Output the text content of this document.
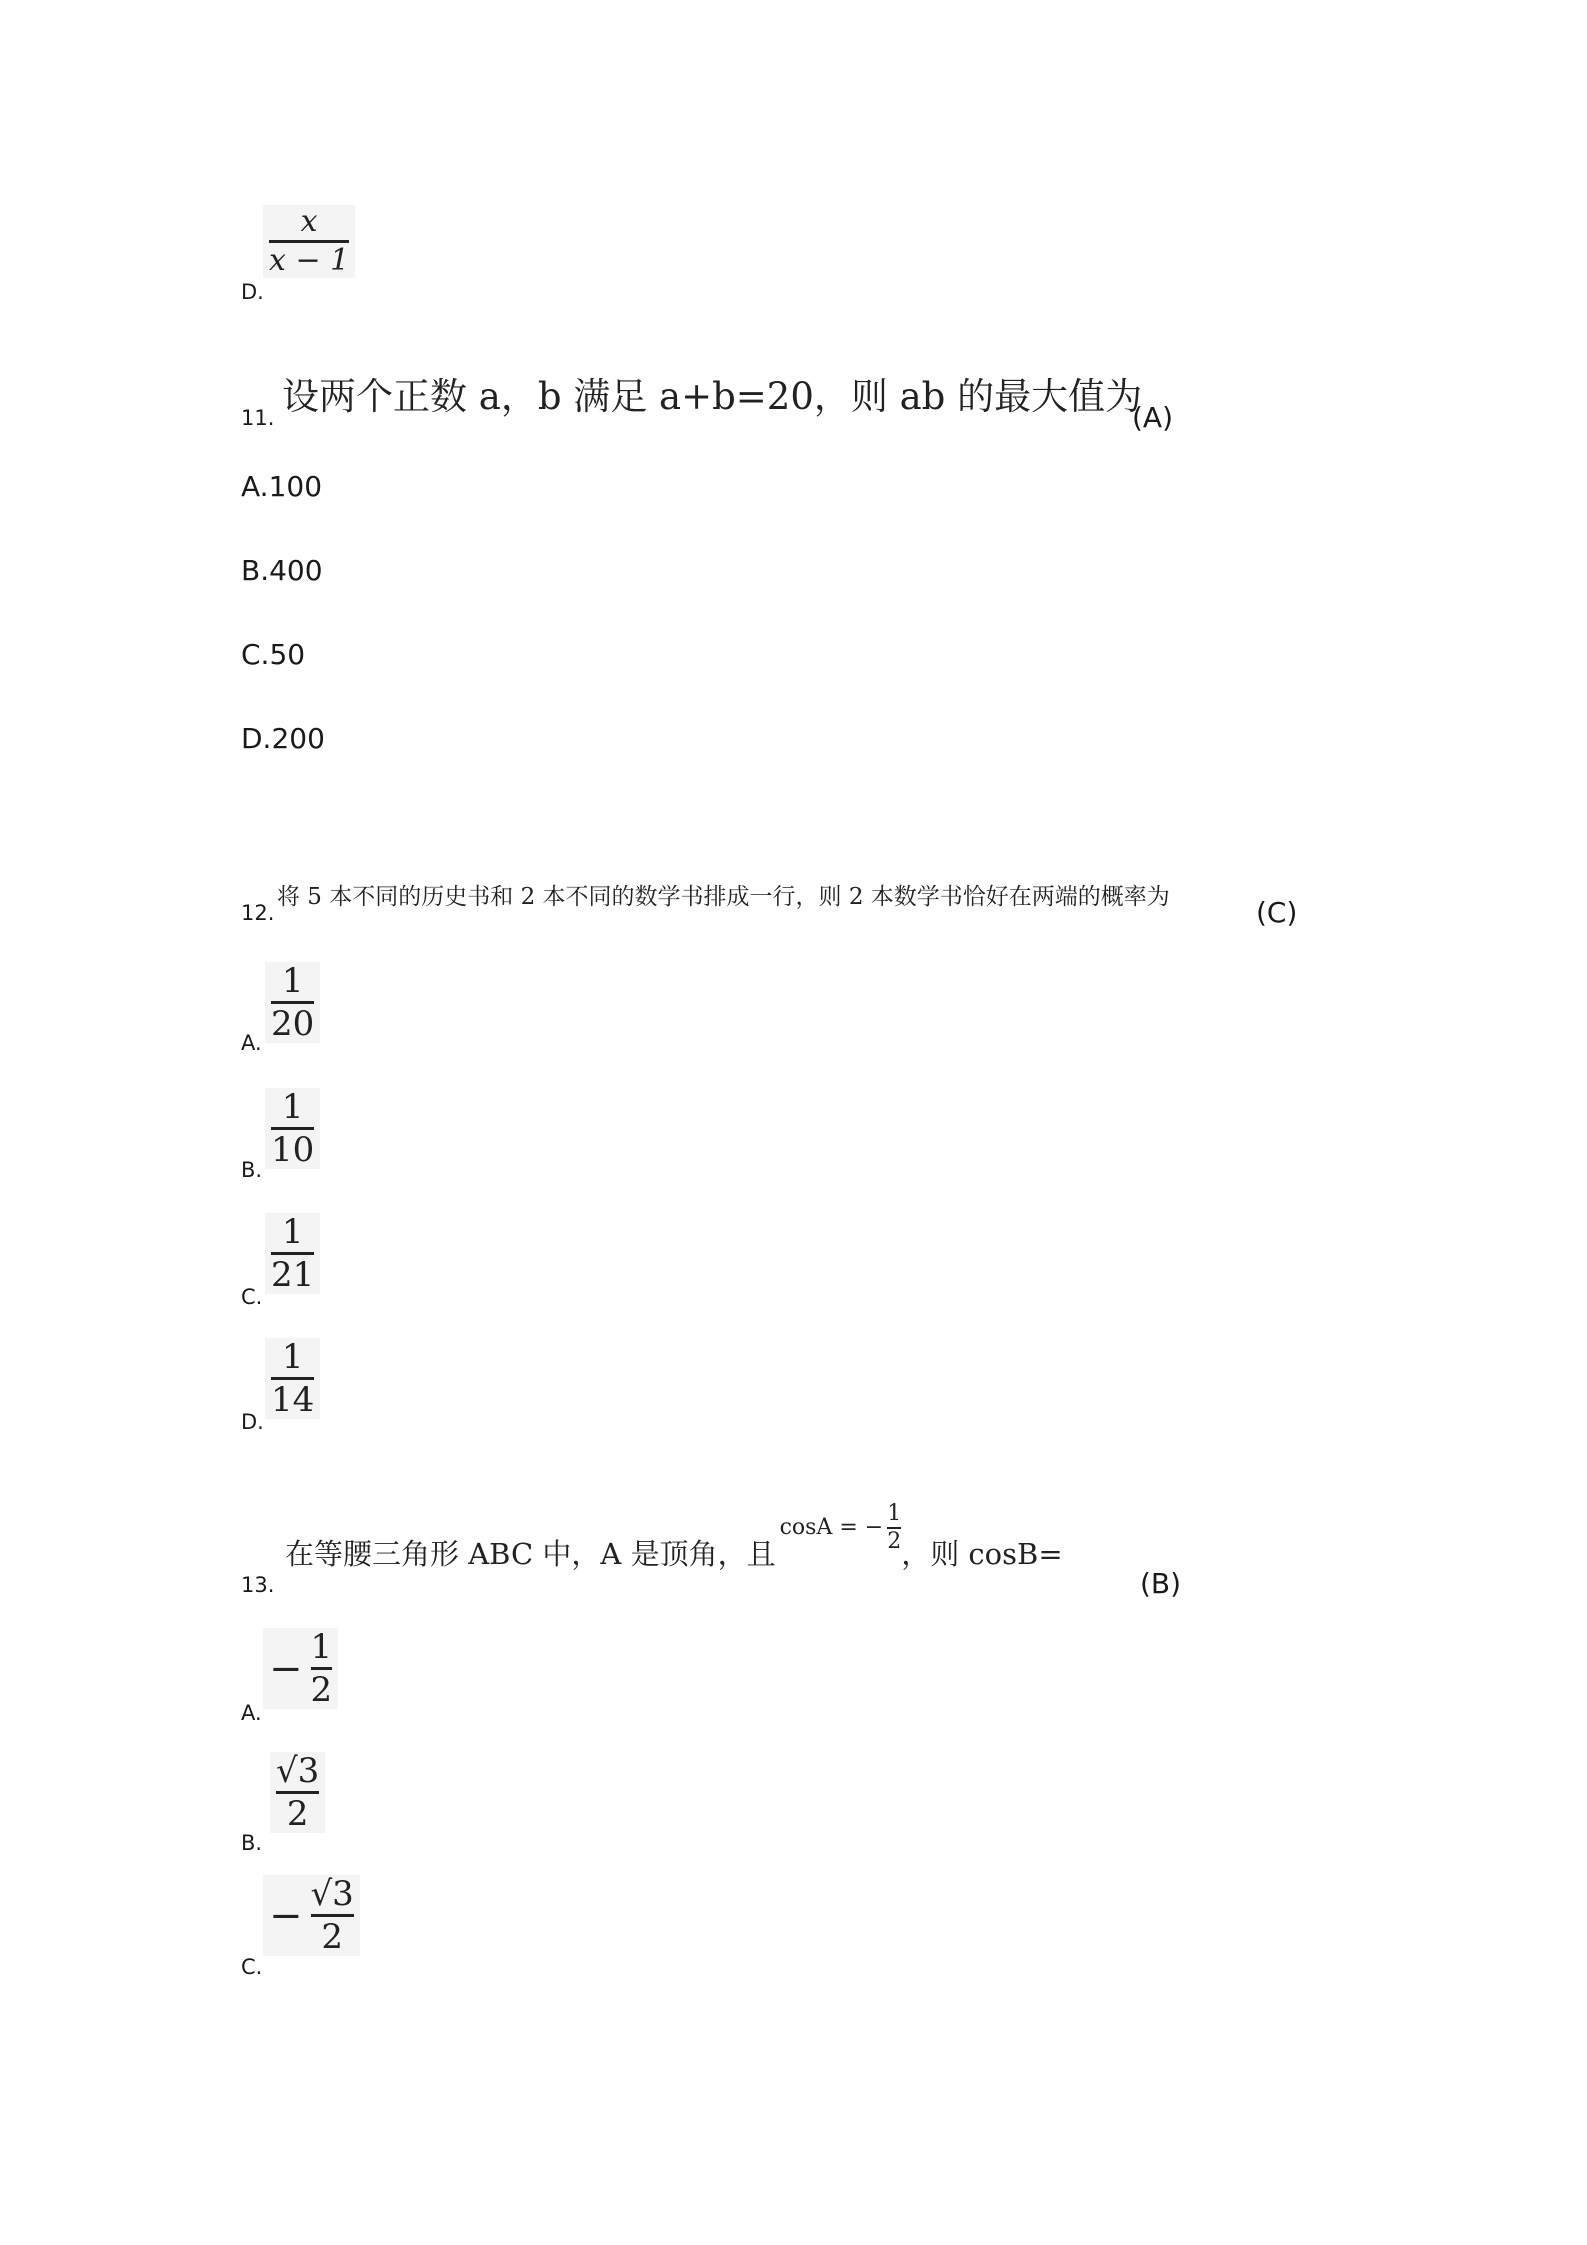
D.
x
x − 1
11. 设两个正数 a，b 满足 a+b=20，则 ab 的最大值为
(A)
A.100
B.400
C.50
D.200
12.
将 5 本不同的历史书和 2 本不同的数学书排成一行，则 2 本数学书恰好在两端的概率为	(C)
A.
1
20
B.
1
10
C.
1
21
D.
1
14
13.
在等腰三角形 ABC 中，A 是顶角，且
cosA = − $\frac{1}{2}$
，则 cosB=
(B)
A.
− $\frac{1}{2}$
B.
√3
2
C.
− $\frac{√3}{2}$
